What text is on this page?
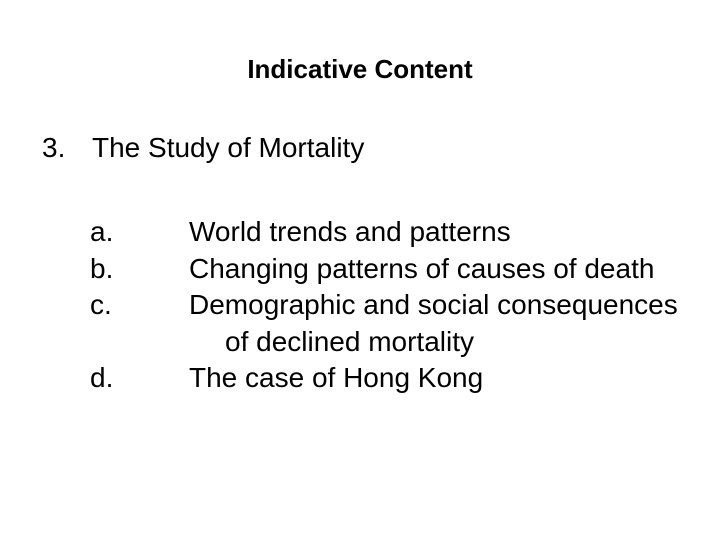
Indicative Content
3. The Study of Mortality
a.	World trends and patterns
b.	Changing patterns of causes of death
c.	Demographic and social consequences of declined mortality
d.	The case of Hong Kong
